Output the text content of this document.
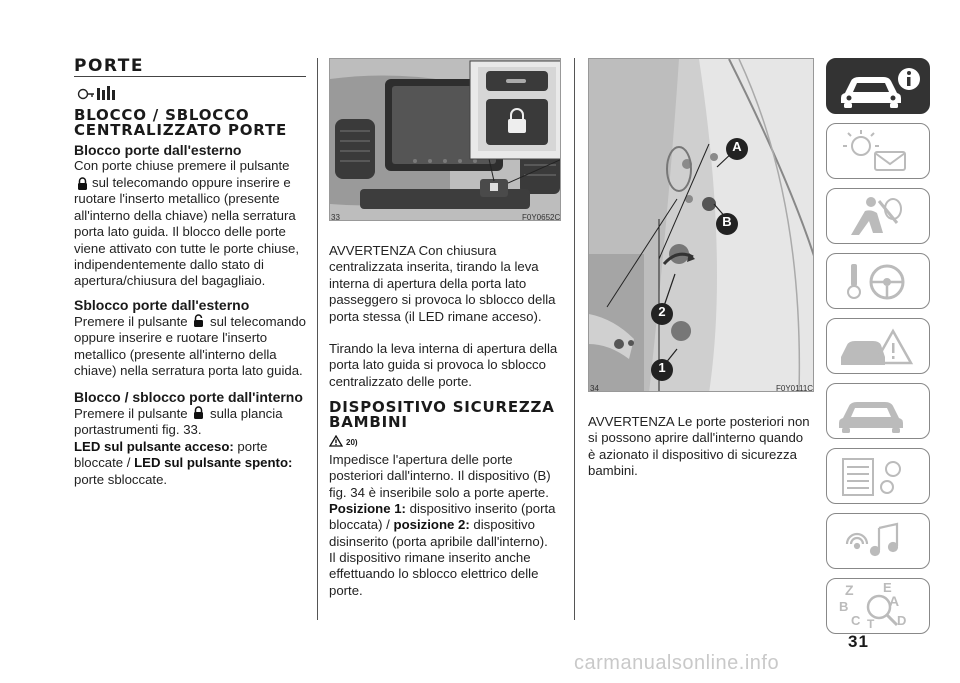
PORTE
BLOCCO / SBLOCCO CENTRALIZZATO PORTE
Blocco porte dall'esterno
Con porte chiuse premere il pulsante
sul telecomando oppure inserire e ruotare l'inserto metallico (presente all'interno della chiave) nella serratura porta lato guida. Il blocco delle porte viene attivato con tutte le porte chiuse, indipendentemente dallo stato di apertura/chiusura del bagagliaio.
Sblocco porte dall'esterno
Premere il pulsante sul telecomando oppure inserire e ruotare l'inserto metallico (presente all'interno della chiave) nella serratura porta lato guida.
Blocco / sblocco porte dall'interno
Premere il pulsante sulla plancia portastrumenti fig. 33.
LED sul pulsante acceso: porte bloccate / LED sul pulsante spento: porte sbloccate.
33	F0Y0652C
AVVERTENZA Con chiusura centralizzata inserita, tirando la leva interna di apertura della porta lato passeggero si provoca lo sblocco della porta stessa (il LED rimane acceso).
Tirando la leva interna di apertura della porta lato guida si provoca lo sblocco centralizzato delle porte.
DISPOSITIVO SICUREZZA BAMBINI
20)
Impedisce l'apertura delle porte posteriori dall'interno. Il dispositivo (B) fig. 34 è inseribile solo a porte aperte.
Posizione 1: dispositivo inserito (porta bloccata) / posizione 2: dispositivo disinserito (porta apribile dall'interno).
Il dispositivo rimane inserito anche effettuando lo sblocco elettrico delle porte.
A
B
2
1
34	F0Y0111C
AVVERTENZA Le porte posteriori non si possono aprire dall'interno quando è azionato il dispositivo di sicurezza bambini.
Z E
B	A
C T D
31
carmanualsonline.info
